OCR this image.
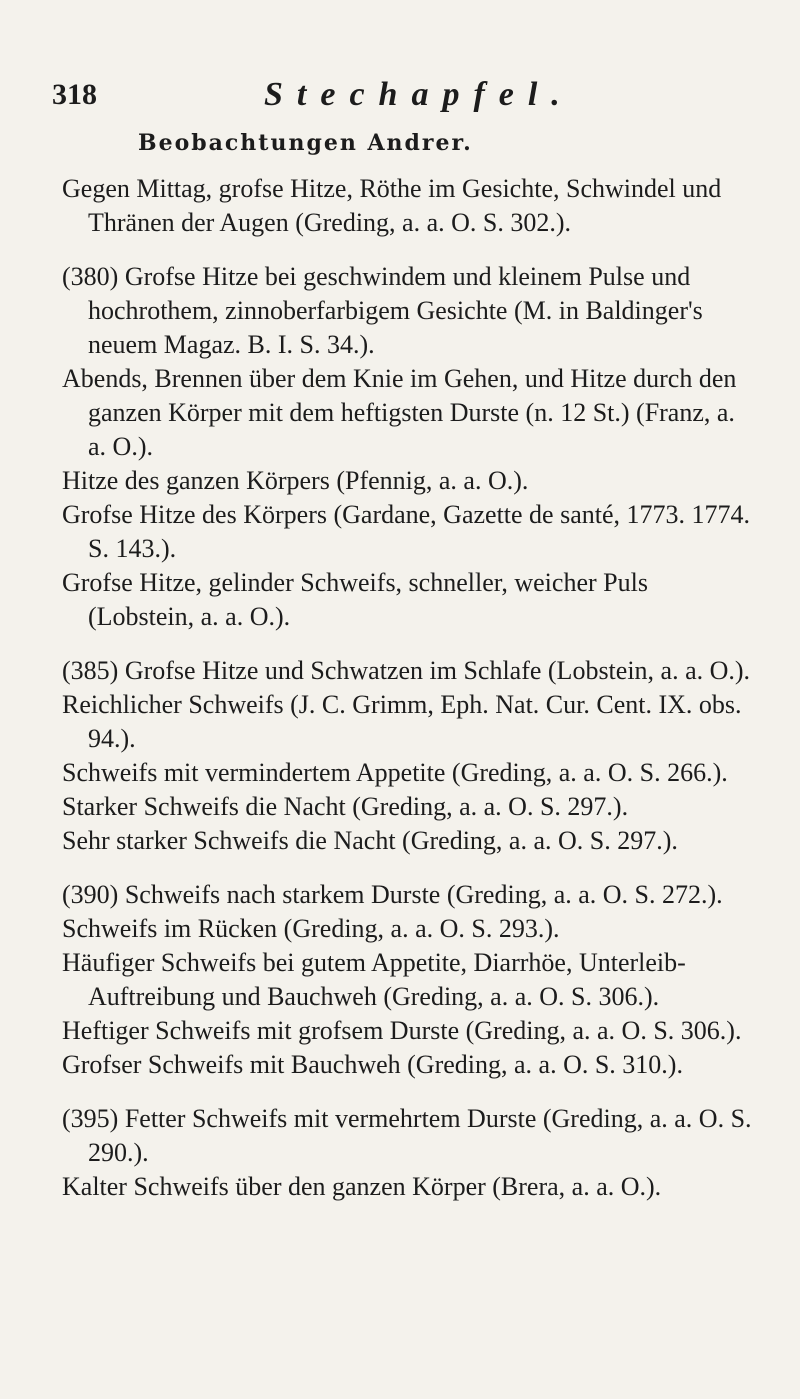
318	Stechapfel.
Beobachtungen Andrer.

Gegen Mittag, grofse Hitze, Röthe im Gesichte, Schwindel und Thränen der Augen (Greding, a. a. O. S. 302.).

(380) Grofse Hitze bei geschwindem und kleinem Pulse und hochrothem, zinnoberfarbigem Gesichte (M. in Baldinger's neuem Magaz. B. I. S. 34.).

Abends, Brennen über dem Knie im Gehen, und Hitze durch den ganzen Körper mit dem heftigsten Durste (n. 12 St.) (Franz, a. a. O.).

Hitze des ganzen Körpers (Pfennig, a. a. O.).

Grofse Hitze des Körpers (Gardane, Gazette de santé, 1773. 1774. S. 143.).

Grofse Hitze, gelinder Schweifs, schneller, weicher Puls (Lobstein, a. a. O.).

(385) Grofse Hitze und Schwatzen im Schlafe (Lobstein, a. a. O.).

Reichlicher Schweifs (J. C. Grimm, Eph. Nat. Cur. Cent. IX. obs. 94.).

Schweifs mit vermindertem Appetite (Greding, a. a. O. S. 266.).

Starker Schweifs die Nacht (Greding, a. a. O. S. 297.).

Sehr starker Schweifs die Nacht (Greding, a. a. O. S. 297.).

(390) Schweifs nach starkem Durste (Greding, a. a. O. S. 272.).

Schweifs im Rücken (Greding, a. a. O. S. 293.).

Häufiger Schweifs bei gutem Appetite, Diarrhöe, Unterleib-Auftreibung und Bauchweh (Greding, a. a. O. S. 306.).

Heftiger Schweifs mit grofsem Durste (Greding, a. a. O. S. 306.).

Grofser Schweifs mit Bauchweh (Greding, a. a. O. S. 310.).

(395) Fetter Schweifs mit vermehrtem Durste (Greding, a. a. O. S. 290.).

Kalter Schweifs über den ganzen Körper (Brera, a. a. O.).
